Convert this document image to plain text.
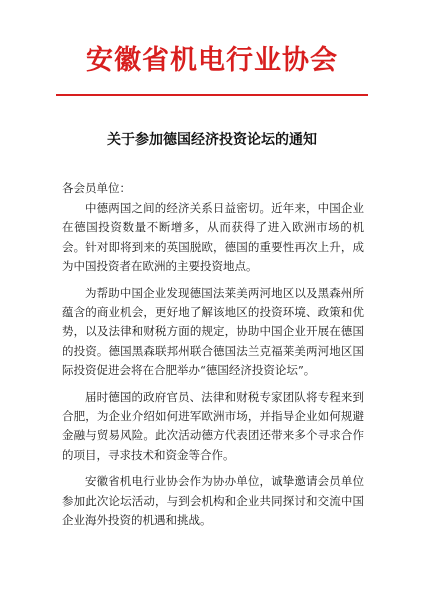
安徽省机电行业协会
关于参加德国经济投资论坛的通知
各会员单位：

中德两国之间的经济关系日益密切。近年来，中国企业在德国投资数量不断增多，从而获得了进入欧洲市场的机会。针对即将到来的英国脱欧，德国的重要性再次上升，成为中国投资者在欧洲的主要投资地点。

为帮助中国企业发现德国法莱美两河地区以及黑森州所蕴含的商业机会，更好地了解该地区的投资环境、政策和优势，以及法律和财税方面的规定，协助中国企业开展在德国的投资。德国黑森联邦州联合德国法兰克福莱美两河地区国际投资促进会将在合肥举办“德国经济投资论坛”。

届时德国的政府官员、法律和财税专家团队将专程来到合肥，为企业介绍如何进军欧洲市场，并指导企业如何规避金融与贸易风险。此次活动德方代表团还带来多个寻求合作的项目，寻求技术和资金等合作。

安徽省机电行业协会作为协办单位，诚挚邀请会员单位参加此次论坛活动，与到会机构和企业共同探讨和交流中国企业海外投资的机遇和挑战。
